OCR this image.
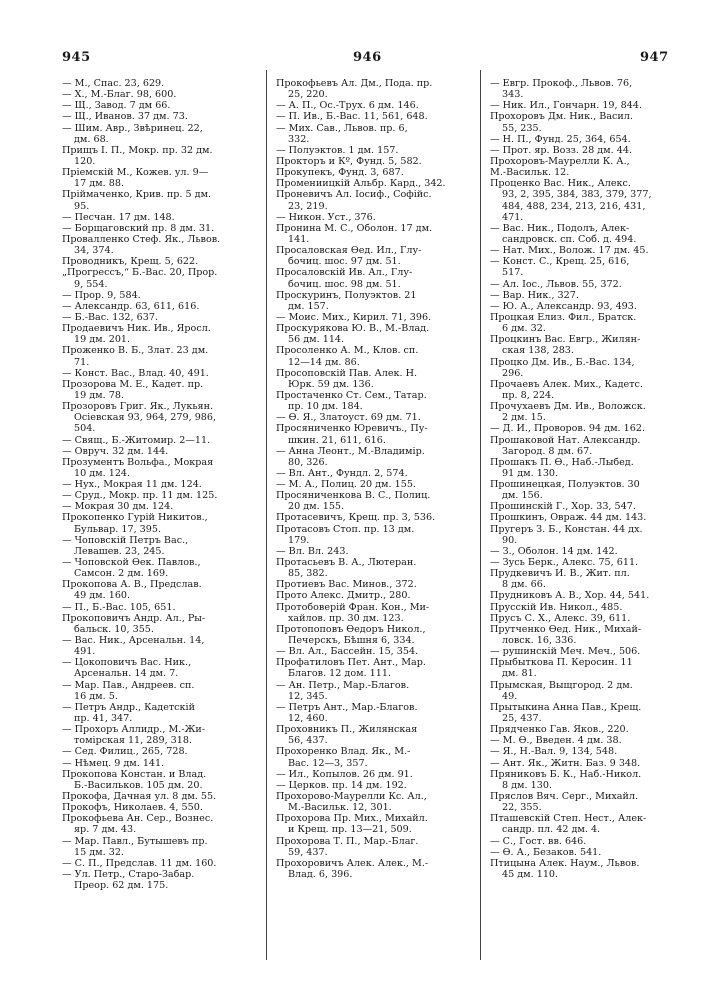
945	946	947
— М., Спас. 23, 629.
— Х., М.-Благ. 98, 600.
— Щ., Завод. 7 дм 66.
— Щ., Иванов. 37 дм. 73.
— Шим. Авр., Звѣринец. 22,
дм. 68.
Прищъ I. П., Мокр. пр. 32 дм.
120.
Прiемскiй М., Кожев. ул. 9—
17 дм. 88.
Прiймаченко, Крив. пр. 5 дм.
95.
— Песчан. 17 дм. 148.
— Борщаговский пр. 8 дм. 31.
Провалленко Стеф. Як., Львов.
34, 374.
Проводникъ, Крещ. 5, 622.
„Прогрессъ,“ Б.-Вас. 20, Прор.
9, 554.
— Прор. 9, 584.
— Александр. 63, 611, 616.
— Б.-Вас. 132, 637.
Продаевичъ Ник. Ив., Яросл.
19 дм. 201.
Проженко В. Б., Злат. 23 дм.
71.
— Конст. Вас., Влад. 40, 491.
Прозорова М. Е., Кадет. пр.
19 дм. 78.
Прозоровъ Григ. Як., Лукьян.
Осiевская 93, 964, 279, 986,
504.
— Свящ., Б.-Житомир. 2—11.
— Овруч. 32 дм. 144.
Прозументъ Вольфа., Мокрая
10 дм. 124.
— Нух., Мокрая 11 дм. 124.
— Сруд., Мокр. пр. 11 дм. 125.
— Мокрая 30 дм. 124.
Прокопенко Гурiй Никитов.,
Бульвар. 17, 395.
— Чоповскiй Петръ Вас.,
Левашев. 23, 245.
— Чоповской Ѳек. Павлов.,
Самсон. 2 дм. 169.
Прокопова А. В., Предслав.
49 дм. 160.
— П., Б.-Вас. 105, 651.
Прокоповичъ Андр. Ал., Ры-
бальск. 10, 355.
— Вас. Ник., Арсенальн. 14,
491.
— Цокоповичъ Вас. Ник.,
Арсенальн. 14 дм. 7.
— Мар. Пав., Андреев. сп.
16 дм. 5.
— Петръ Андр., Кадетскiй
пр. 41, 347.
— Прохоръ Аллидр., М.-Жи-
томiрская 11, 289, 318.
— Сед. Филиц., 265, 728.
— Нѣмец. 9 дм. 141.
Прокопова Констан. и Влад.
Б.-Васильков. 105 дм. 20.
Прокофа, Дачная ул. 8 дм. 55.
Прокофъ, Николаев. 4, 550.
Прокофьева Ан. Сер., Вознес.
яр. 7 дм. 43.
— Мар. Павл., Бутышевъ пр.
15 дм. 32.
— С. П., Предслав. 11 дм. 160.
— Ул. Петр., Старо-Забар.
Преор. 62 дм. 175.
Прокофьевъ Ал. Дм., Пода. пр.
25, 220.
— А. П., Ос.-Трух. 6 дм. 146.
— П. Ив., Б.-Вас. 11, 561, 648.
— Мих. Сав., Львов. пр. 6,
332.
— Полуэктов. 1 дм. 157.
Прокторъ и Кº, Фунд. 5, 582.
Прокупекъ, Фунд. 3, 687.
Промениицкiй Альбр. Кард., 342.
Проневичъ Ал. Iосиф., Софiйс.
23, 219.
— Никон. Уст., 376.
Пронина М. С., Оболон. 17 дм.
141.
Просаловская Ѳед. Ил., Глу-
бочиц. шос. 97 дм. 51.
Просаловскiй Ив. Ал., Глу-
бочиц. шос. 98 дм. 51.
Проскуринъ, Полуэктов. 21
дм. 157.
— Моис. Мих., Кирил. 71, 396.
Проскурякова Ю. В., М.-Влад.
56 дм. 114.
Просоленко А. М., Клов. сп.
12—14 дм. 86.
Просоповскiй Пав. Алек. Н.
Юрк. 59 дм. 136.
Простаченко Ст. Сем., Татар.
пр. 10 дм. 184.
— Ѳ. Я., Златоуст. 69 дм. 71.
Просяниченко Юревичъ., Пу-
шкин. 21, 611, 616.
— Анна Леонт., М.-Владимiр.
80, 326.
— Вл. Ант., Фундл. 2, 574.
— М. А., Полиц. 20 дм. 155.
Просяниченкова В. С., Полиц.
20 дм. 155.
Протасевичъ, Крещ. пр. 3, 536.
Протасовъ Стоп. пр. 13 дм.
179.
— Вл. Вл. 243.
Протасьевъ В. А., Лютеран.
85, 382.
Протиевъ Вас. Минов., 372.
Прото Алекс. Дмитр., 280.
Протобоверiй Фран. Кон., Ми-
хайлов. пр. 30 дм. 123.
Протопоповъ Ѳедоръ Никол.,
Печерскъ, Бѣшня 6, 334.
— Вл. Ал., Бассейн. 15, 354.
Профатиловъ Пет. Ант., Мар.
Благов. 12 дом. 111.
— Ан. Петр., Мар.-Благов.
12, 345.
— Петръ Ант., Мар.-Благов.
12, 460.
Проховникъ П., Жилянская
56, 437.
Прохоренко Влад. Як., М.-
Вас. 12—3, 357.
— Ил., Копылов. 26 дм. 91.
— Церков. пр. 14 дм. 192.
Прохорово-Маурелли Кс. Ал.,
М.-Васильк. 12, 301.
Прохорова Пр. Мих., Михайл.
и Крещ. пр. 13—21, 509.
Прохорова Т. П., Мар.-Благ.
59, 437.
Прохоровичъ Алек. Алек., М.-
Влад. 6, 396.
— Евгр. Прокоф., Львов. 76,
343.
— Ник. Ил., Гончарн. 19, 844.
Прохоровъ Дм. Ник., Васил.
55, 235.
— Н. П., Фунд. 25, 364, 654.
— Прот. яр. Возз. 28 дм. 44.
Прохоровъ-Маурелли К. А.,
М.-Васильк. 12.
Проценко Вас. Ник., Алекс.
93, 2, 395, 384, 383, 379, 377,
484, 488, 234, 213, 216, 431,
471.
— Вас. Ник., Подолъ, Алек-
сандровск. сп. Соб. д. 494.
— Нат. Мих., Волож. 17 дм. 45.
— Конст. С., Крещ. 25, 616,
517.
— Ал. Iос., Львов. 55, 372.
— Вар. Ник., 327.
— Ю. А., Александр. 93, 493.
Процкая Елиз. Фил., Братск.
6 дм. 32.
Процкинъ Вас. Евгр., Жилян-
ская 138, 283.
Процко Дм. Ив., Б.-Вас. 134,
296.
Прочаевъ Алек. Мих., Кадетс.
пр. 8, 224.
Прочухаевъ Дм. Ив., Воложск.
2 дм. 15.
— Д. И., Проворов. 94 дм. 162.
Прошаковой Нат. Александр.
Загород. 8 дм. 67.
Прошакъ П. Ѳ., Наб.-Лыбед.
91 дм. 130.
Прошинецкая, Полуэктов. 30
дм. 156.
Прошинскiй Г., Хор. 33, 547.
Прошкинъ, Овраж. 44 дм. 143.
Пругеръ З. Б., Констан. 44 дх.
90.
— З., Оболон. 14 дм. 142.
— Зусь Берк., Алекс. 75, 611.
Прудкевичъ И. В., Жит. пл.
8 дм. 66.
Прудниковъ А. В., Хор. 44, 541.
Прусскiй Ив. Никол., 485.
Прусъ С. Х., Алекс. 39, 611.
Прутченко Ѳед. Ник., Михай-
ловск. 16, 336.
— рушинскiй Меч. Меч., 506.
Прыбыткова П. Керосин. 11
дм. 81.
Прымская, Выщгород. 2 дм.
49.
Прытыкина Анна Пав., Крещ.
25, 437.
Прядченко Гав. Яков., 220.
— М. Ѳ., Введен. 4 дм. 38.
— Я., Н.-Вал. 9, 134, 548.
— Ант. Як., Житн. Баз. 9 348.
Пряниковъ Б. К., Наб.-Никол.
8 дм. 130.
Пряслов Вяч. Серг., Михайл.
22, 355.
Пташевскiй Степ. Нест., Алек-
сандр. пл. 42 дм. 4.
— С., Гост. вв. 646.
— Ѳ. А., Безаков. 541.
Птицына Алек. Наум., Львов.
45 дм. 110.
